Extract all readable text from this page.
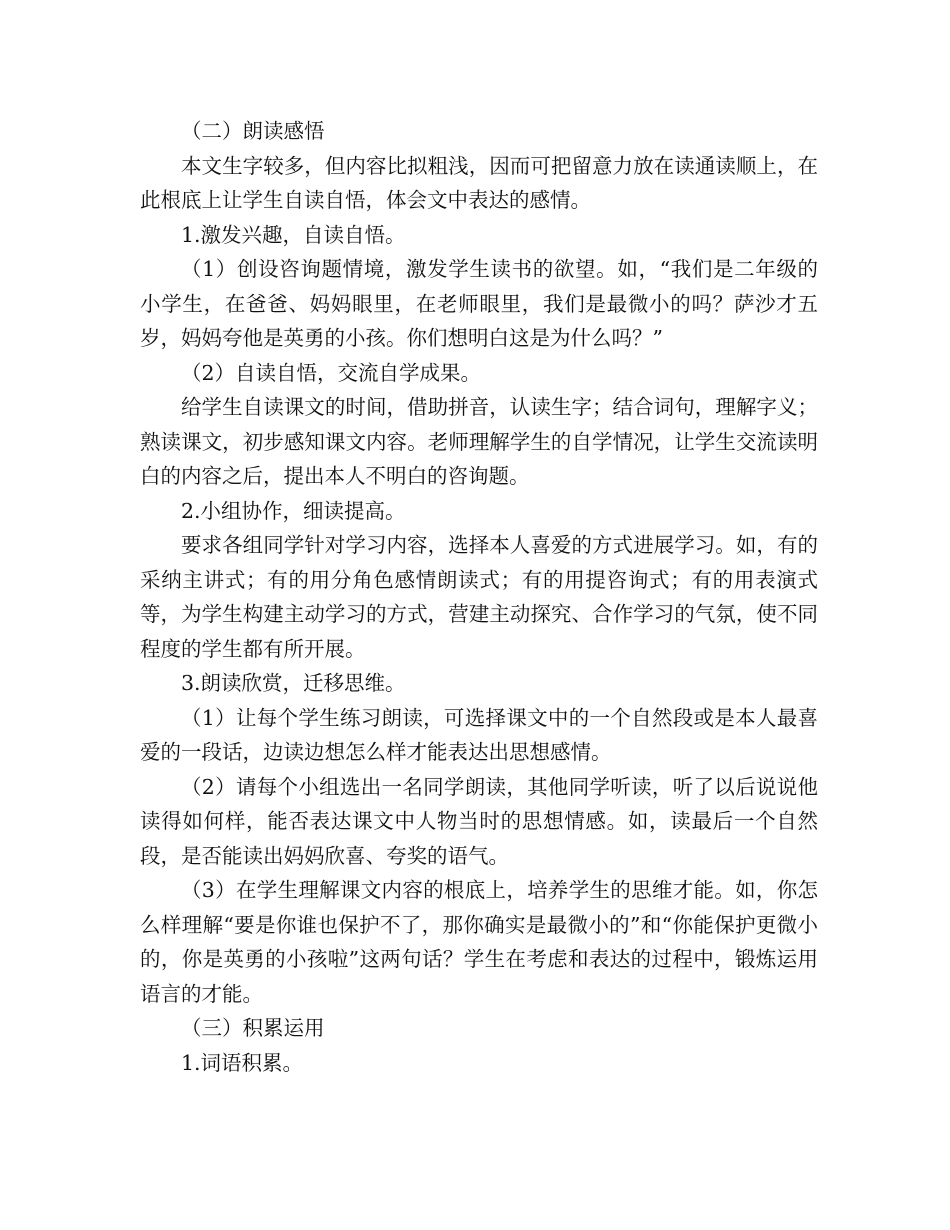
（二）朗读感悟

本文生字较多，但内容比拟粗浅，因而可把留意力放在读通读顺上，在此根底上让学生自读自悟，体会文中表达的感情。

1.激发兴趣，自读自悟。

（1）创设咨询题情境，激发学生读书的欲望。如，“我们是二年级的小学生，在爸爸、妈妈眼里，在老师眼里，我们是最微小的吗？萨沙才五岁，妈妈夸他是英勇的小孩。你们想明白这是为什么吗？”

（2）自读自悟，交流自学成果。

给学生自读课文的时间，借助拼音，认读生字；结合词句，理解字义；熟读课文，初步感知课文内容。老师理解学生的自学情况，让学生交流读明白的内容之后，提出本人不明白的咨询题。

2.小组协作，细读提高。

要求各组同学针对学习内容，选择本人喜爱的方式进展学习。如，有的采纳主讲式；有的用分角色感情朗读式；有的用提咨询式；有的用表演式等，为学生构建主动学习的方式，营建主动探究、合作学习的气氛，使不同程度的学生都有所开展。

3.朗读欣赏，迁移思维。

（1）让每个学生练习朗读，可选择课文中的一个自然段或是本人最喜爱的一段话，边读边想怎么样才能表达出思想感情。

（2）请每个小组选出一名同学朗读，其他同学听读，听了以后说说他读得如何样，能否表达课文中人物当时的思想情感。如，读最后一个自然段，是否能读出妈妈欣喜、夸奖的语气。

（3）在学生理解课文内容的根底上，培养学生的思维才能。如，你怎么样理解“要是你谁也保护不了，那你确实是最微小的”和“你能保护更微小的，你是英勇的小孩啦”这两句话？学生在考虑和表达的过程中，锻炼运用语言的才能。

（三）积累运用

1.词语积累。
